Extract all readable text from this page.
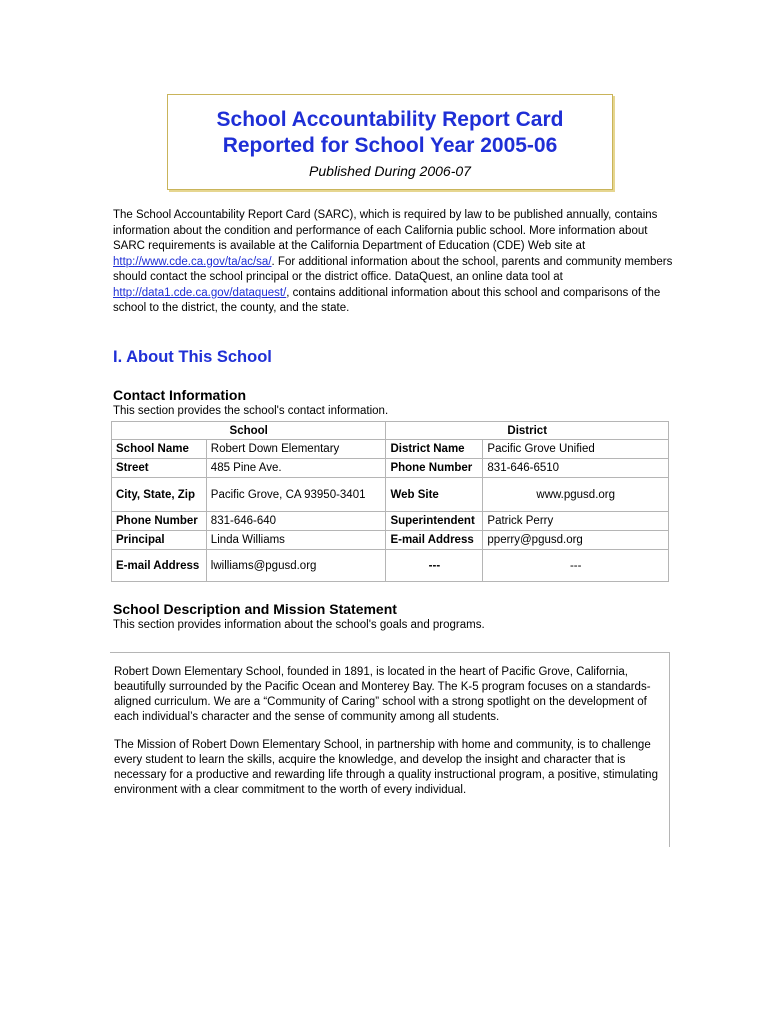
School Accountability Report Card
Reported for School Year 2005-06
Published During 2006-07
The School Accountability Report Card (SARC), which is required by law to be published annually, contains information about the condition and performance of each California public school. More information about SARC requirements is available at the California Department of Education (CDE) Web site at http://www.cde.ca.gov/ta/ac/sa/. For additional information about the school, parents and community members should contact the school principal or the district office. DataQuest, an online data tool at http://data1.cde.ca.gov/dataquest/, contains additional information about this school and comparisons of the school to the district, the county, and the state.
I. About This School
Contact Information
This section provides the school's contact information.
School		District	
School Name	Robert Down Elementary	District Name	Pacific Grove Unified
Street	485 Pine Ave.	Phone Number	831-646-6510
City, State, Zip	Pacific Grove, CA 93950-3401	Web Site	www.pgusd.org
Phone Number	831-646-640	Superintendent	Patrick Perry
Principal	Linda Williams	E-mail Address	pperry@pgusd.org
E-mail Address	lwilliams@pgusd.org	---	---
School Description and Mission Statement
This section provides information about the school's goals and programs.

Robert Down Elementary School, founded in 1891, is located in the heart of Pacific Grove, California, beautifully surrounded by the Pacific Ocean and Monterey Bay. The K-5 program focuses on a standards-aligned curriculum. We are a “Community of Caring” school with a strong spotlight on the development of each individual’s character and the sense of community among all students.

The Mission of Robert Down Elementary School, in partnership with home and community, is to challenge every student to learn the skills, acquire the knowledge, and develop the insight and character that is necessary for a productive and rewarding life through a quality instructional program, a positive, stimulating environment with a clear commitment to the worth of every individual.
